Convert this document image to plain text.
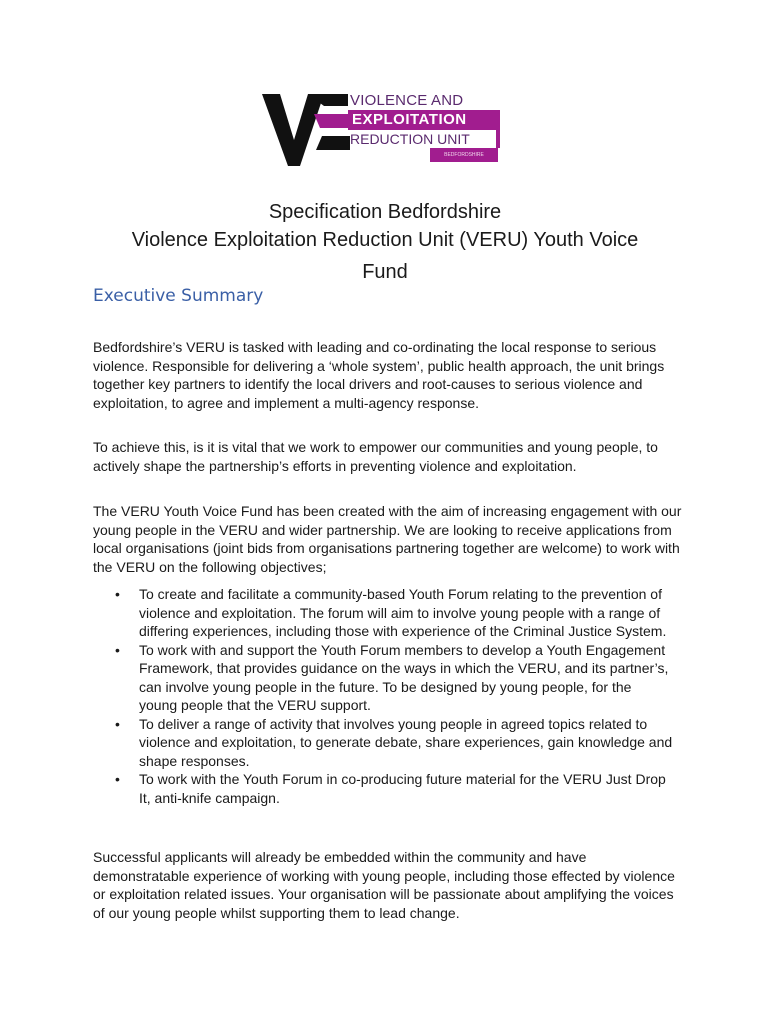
VIOLENCE AND
EXPLOITATION
REDUCTION UNIT
BEDFORDSHIRE
Specification Bedfordshire
Violence Exploitation Reduction Unit (VERU) Youth Voice
Fund
Executive Summary

Bedfordshire’s VERU is tasked with leading and co-ordinating the local response to serious violence. Responsible for delivering a ‘whole system’, public health approach, the unit brings together key partners to identify the local drivers and root-causes to serious violence and exploitation, to agree and implement a multi-agency response.

To achieve this, is it is vital that we work to empower our communities and young people, to actively shape the partnership’s efforts in preventing violence and exploitation.

The VERU Youth Voice Fund has been created with the aim of increasing engagement with our young people in the VERU and wider partnership. We are looking to receive applications from local organisations (joint bids from organisations partnering together are welcome) to work with the VERU on the following objectives;

• To create and facilitate a community-based Youth Forum relating to the prevention of violence and exploitation. The forum will aim to involve young people with a range of differing experiences, including those with experience of the Criminal Justice System.
• To work with and support the Youth Forum members to develop a Youth Engagement Framework, that provides guidance on the ways in which the VERU, and its partner’s, can involve young people in the future. To be designed by young people, for the young people that the VERU support.
• To deliver a range of activity that involves young people in agreed topics related to violence and exploitation, to generate debate, share experiences, gain knowledge and shape responses.
• To work with the Youth Forum in co-producing future material for the VERU Just Drop It, anti-knife campaign.

Successful applicants will already be embedded within the community and have demonstratable experience of working with young people, including those effected by violence or exploitation related issues. Your organisation will be passionate about amplifying the voices of our young people whilst supporting them to lead change.
